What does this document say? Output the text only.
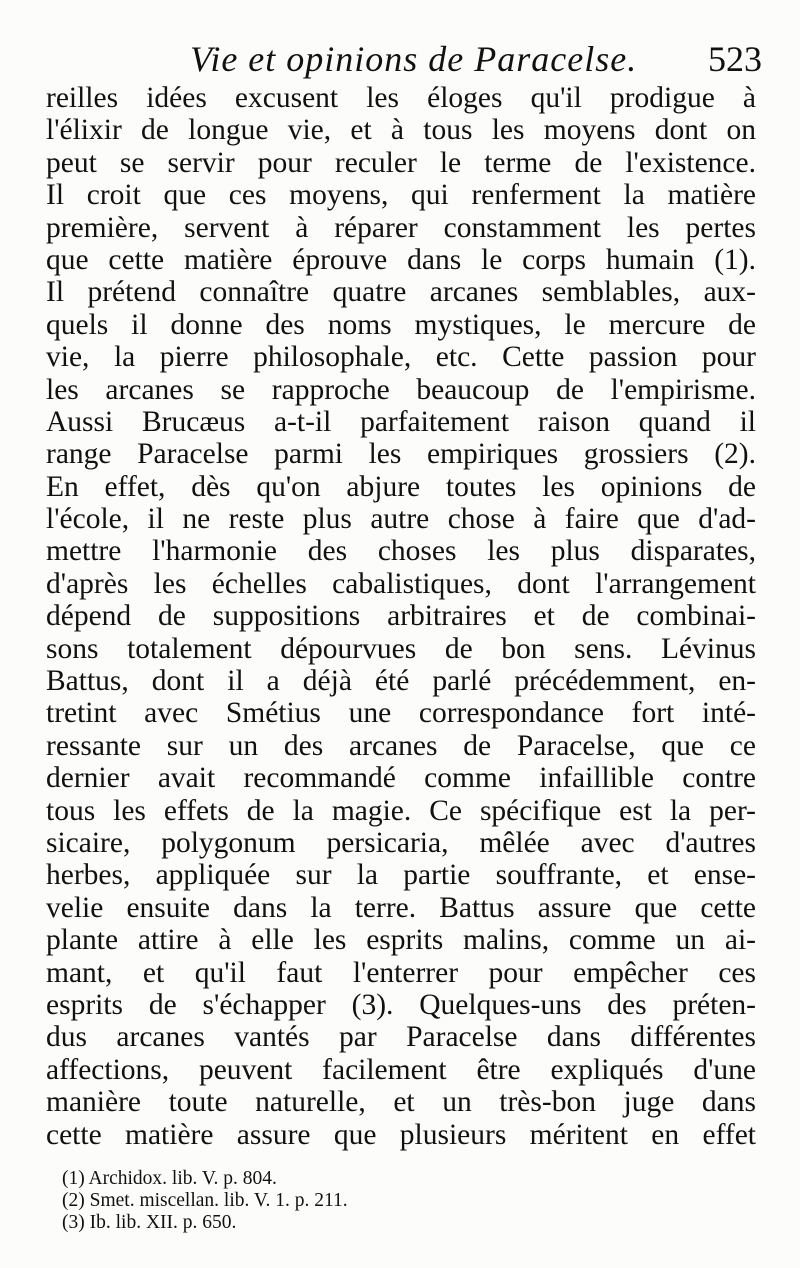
Vie et opinions de Paracelse. 523
reilles idées excusent les éloges qu'il prodigue à
l'élixir de longue vie, et à tous les moyens dont on
peut se servir pour reculer le terme de l'existence.
Il croit que ces moyens, qui renferment la matière
première, servent à réparer constamment les pertes
que cette matière éprouve dans le corps humain (1).
Il prétend connaître quatre arcanes semblables, aux-
quels il donne des noms mystiques, le mercure de
vie, la pierre philosophale, etc. Cette passion pour
les arcanes se rapproche beaucoup de l'empirisme.
Aussi Brucæus a-t-il parfaitement raison quand il
range Paracelse parmi les empiriques grossiers (2).
En effet, dès qu'on abjure toutes les opinions de
l'école, il ne reste plus autre chose à faire que d'ad-
mettre l'harmonie des choses les plus disparates,
d'après les échelles cabalistiques, dont l'arrangement
dépend de suppositions arbitraires et de combinai-
sons totalement dépourvues de bon sens. Lévinus
Battus, dont il a déjà été parlé précédemment, en-
tretint avec Smétius une correspondance fort inté-
ressante sur un des arcanes de Paracelse, que ce
dernier avait recommandé comme infaillible contre
tous les effets de la magie. Ce spécifique est la per-
sicaire, polygonum persicaria, mêlée avec d'autres
herbes, appliquée sur la partie souffrante, et ense-
velie ensuite dans la terre. Battus assure que cette
plante attire à elle les esprits malins, comme un ai-
mant, et qu'il faut l'enterrer pour empêcher ces
esprits de s'échapper (3). Quelques-uns des préten-
dus arcanes vantés par Paracelse dans différentes
affections, peuvent facilement être expliqués d'une
manière toute naturelle, et un très-bon juge dans
cette matière assure que plusieurs méritent en effet
(1) Archidox. lib. V. p. 804.
(2) Smet. miscellan. lib. V. 1. p. 211.
(3) Ib. lib. XII. p. 650.
